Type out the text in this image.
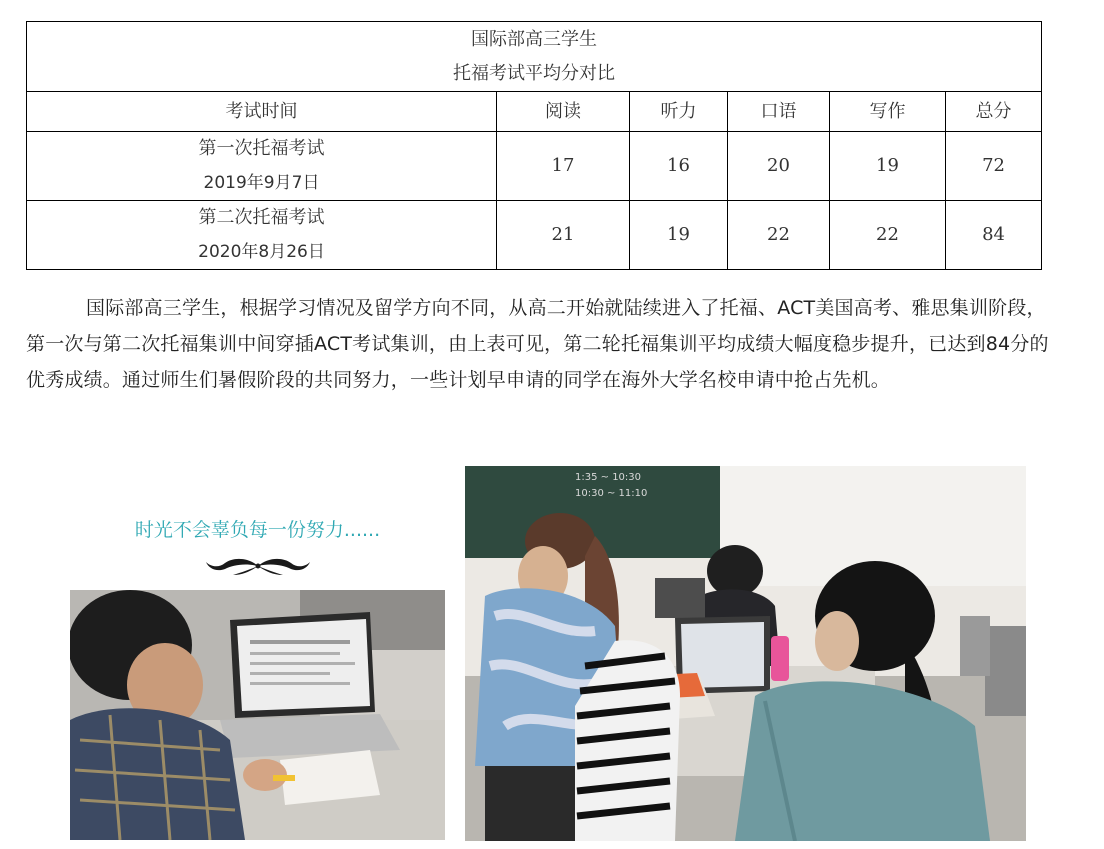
国际部高三学生
托福考试平均分对比					

考试时间	阅读	听力	口语	写作	总分

第一次托福考试
2019年9月7日	17	16	20	19	72

第二次托福考试
2020年8月26日	21	19	22	22	84

国际部高三学生，根据学习情况及留学方向不同，从高二开始就陆续进入了托福、ACT美国高考、雅思集训阶段，第一次与第二次托福集训中间穿插ACT考试集训，由上表可见，第二轮托福集训平均成绩大幅度稳步提升，已达到84分的优秀成绩。通过师生们暑假阶段的共同努力，一些计划早申请的同学在海外大学名校申请中抢占先机。

时光不会辜负每一份努力......
1:35 ~ 10:30
10:30 ~ 11:10
